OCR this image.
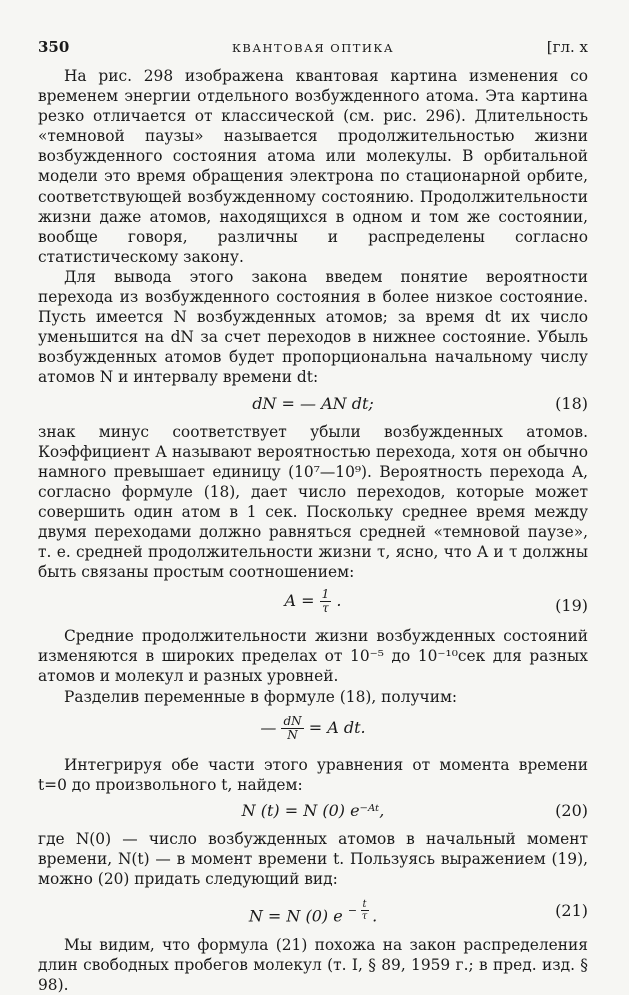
350	КВАНТОВАЯ ОПТИКА	[гл. x

На рис. 298 изображена квантовая картина изменения со временем энергии отдельного возбужденного атома. Эта картина резко отличается от классической (см. рис. 296). Длительность «темновой паузы» называется продолжительностью жизни возбужденного состояния атома или молекулы. В орбитальной модели это время обращения электрона по стационарной орбите, соответствующей возбужденному состоянию. Продолжительности жизни даже атомов, находящихся в одном и том же состоянии, вообще говоря, различны и распределены согласно статистическому закону.

Для вывода этого закона введем понятие вероятности перехода из возбужденного состояния в более низкое состояние. Пусть имеется N возбужденных атомов; за время dt их число уменьшится на dN за счет переходов в нижнее состояние. Убыль возбужденных атомов будет пропорциональна начальному числу атомов N и интервалу времени dt:

dN = — AN dt;	(18)

знак минус соответствует убыли возбужденных атомов. Коэффициент A называют вероятностью перехода, хотя он обычно намного превышает единицу (10⁷—10⁹). Вероятность перехода A, согласно формуле (18), дает число переходов, которые может совершить один атом в 1 сек. Поскольку среднее время между двумя переходами должно равняться средней «темновой паузе», т. е. средней продолжительности жизни τ, ясно, что A и τ должны быть связаны простым соотношением:

$A = \frac{1}{\tau}$ .	(19)

Средние продолжительности жизни возбужденных состояний изменяются в широких пределах от 10⁻⁵ до 10⁻¹⁰сек для разных атомов и молекул и разных уровней.

Разделив переменные в формуле (18), получим:

— $\frac{dN}{N} = A$ dt.

Интегрируя обе части этого уравнения от момента времени t=0 до произвольного t, найдем:

N (t) = N (0) e⁻ᴬᵗ,	(20)

где N(0) — число возбужденных атомов в начальный момент времени, N(t) — в момент времени t. Пользуясь выражением (19), можно (20) придать следующий вид:

N = N (0) e $^{- \frac{t}{\tau}}$ .	(21)

Мы видим, что формула (21) похожа на закон распределения длин свободных пробегов молекул (т. I, § 89, 1959 г.; в пред. изд. § 98).
